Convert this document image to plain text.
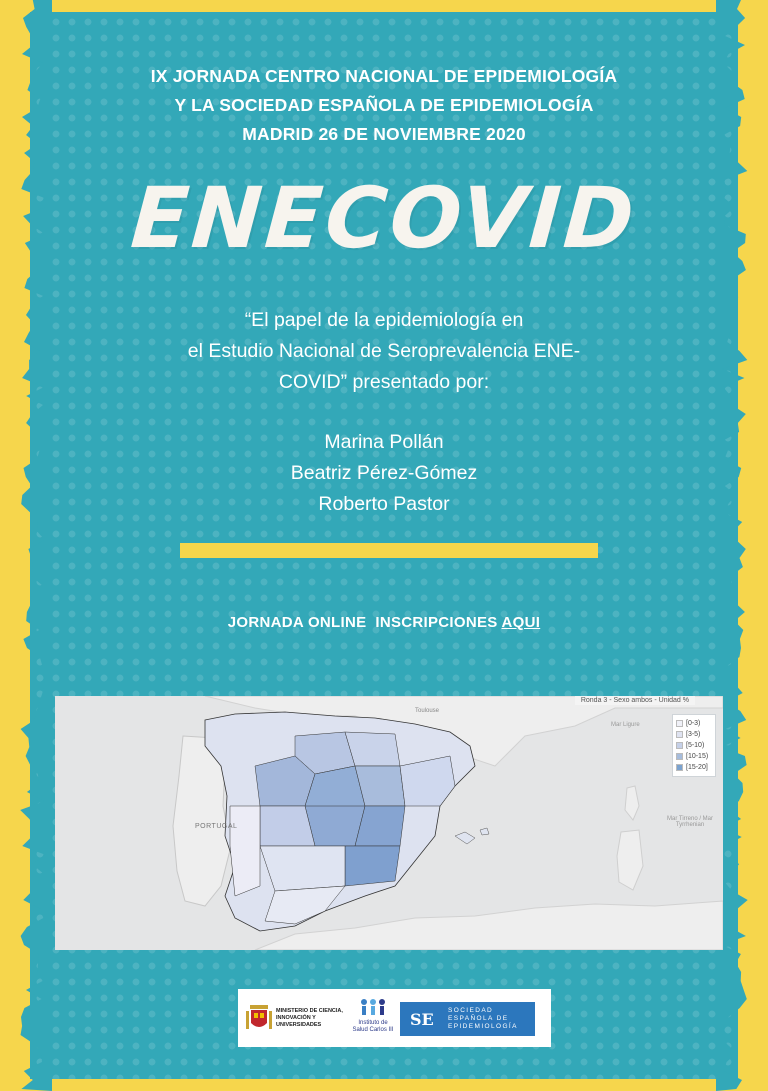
IX JORNADA CENTRO NACIONAL DE EPIDEMIOLOGÍA
Y LA SOCIEDAD ESPAÑOLA DE EPIDEMIOLOGÍA
MADRID 26 DE NOVIEMBRE 2020
ENECOVID
“El papel de la epidemiología en
el Estudio Nacional de Seroprevalencia ENE-
COVID” presentado por:
Marina Pollán
Beatriz Pérez-Gómez
Roberto Pastor
JORNADA ONLINE  INSCRIPCIONES AQUI
Ronda 3 - Sexo ambos - Unidad %
PORTUGAL
Toulouse
Mar Ligure
Mar Tirreno / Mar Tyrrhenian
[0-3)
[3-5)
[5-10)
[10-15)
[15-20]
MINISTERIO DE CIENCIA, INNOVACIÓN Y UNIVERSIDADES	Instituto de Salud Carlos III
SE	SOCIEDAD
ESPAÑOLA DE
EPIDEMIOLOGÍA
